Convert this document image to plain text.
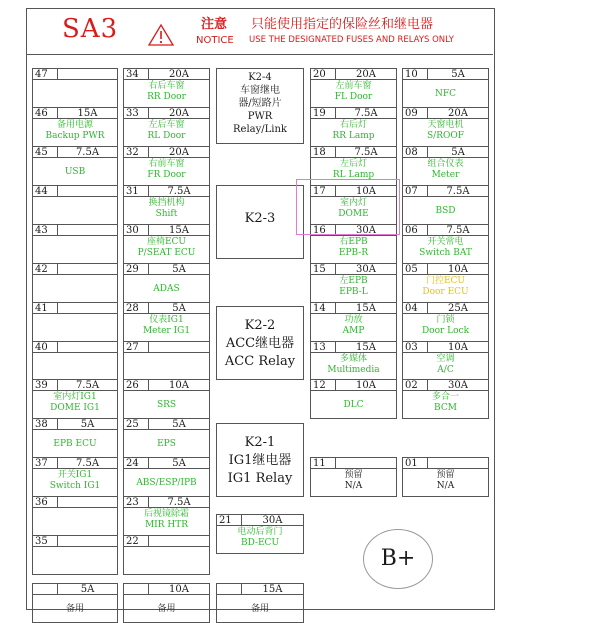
SA3	注意
NOTICE
只能使用指定的保险丝和继电器
USE THE DESIGNATED FUSES AND RELAYS ONLY
47
46	15A
备用电源
Backup PWR
45	7.5A
USB
44
43
42
41
40
39	7.5A
室内灯IG1
DOME IG1
38	5A
EPB ECU
37	7.5A
开关IG1
Switch IG1
36
35
5A
备用
34	20A
右后车窗
RR Door
33	20A
左后车窗
RL Door
32	20A
右前车窗
FR Door
31	7.5A
换挡机构
Shift
30	15A
座椅ECU
P/SEAT ECU
29	5A
ADAS
28	5A
仪表IG1
Meter IG1
27
26	10A
SRS
25	5A
EPS
24	5A
ABS/ESP/IPB
23	7.5A
后视镜除霜
MIR HTR
22
10A
备用
21	30A
电动后背门
BD-ECU
15A
备用
20	20A
左前车窗
FL Door
19	7.5A
右后灯
RR Lamp
18	7.5A
左后灯
RL Lamp
17	10A
室内灯
DOME
16	30A
右EPB
EPB-R
15	30A
左EPB
EPB-L
14	15A
功放
AMP
13	15A
多媒体
Multimedia
12	10A
DLC
11
预留
N/A
10	5A
NFC
09	20A
天窗电机
S/ROOF
08	5A
组合仪表
Meter
07	7.5A
BSD
06	7.5A
开关常电
Switch BAT
05	10A
门控ECU
Door ECU
04	25A
门锁
Door Lock
03	10A
空调
A/C
02	30A
多合一
BCM
01
预留
N/A
K2-4
车窗继电
器/短路片
PWR
Relay/Link
K2-3
K2-2
ACC继电器
ACC Relay
K2-1
IG1继电器
IG1 Relay
B+
